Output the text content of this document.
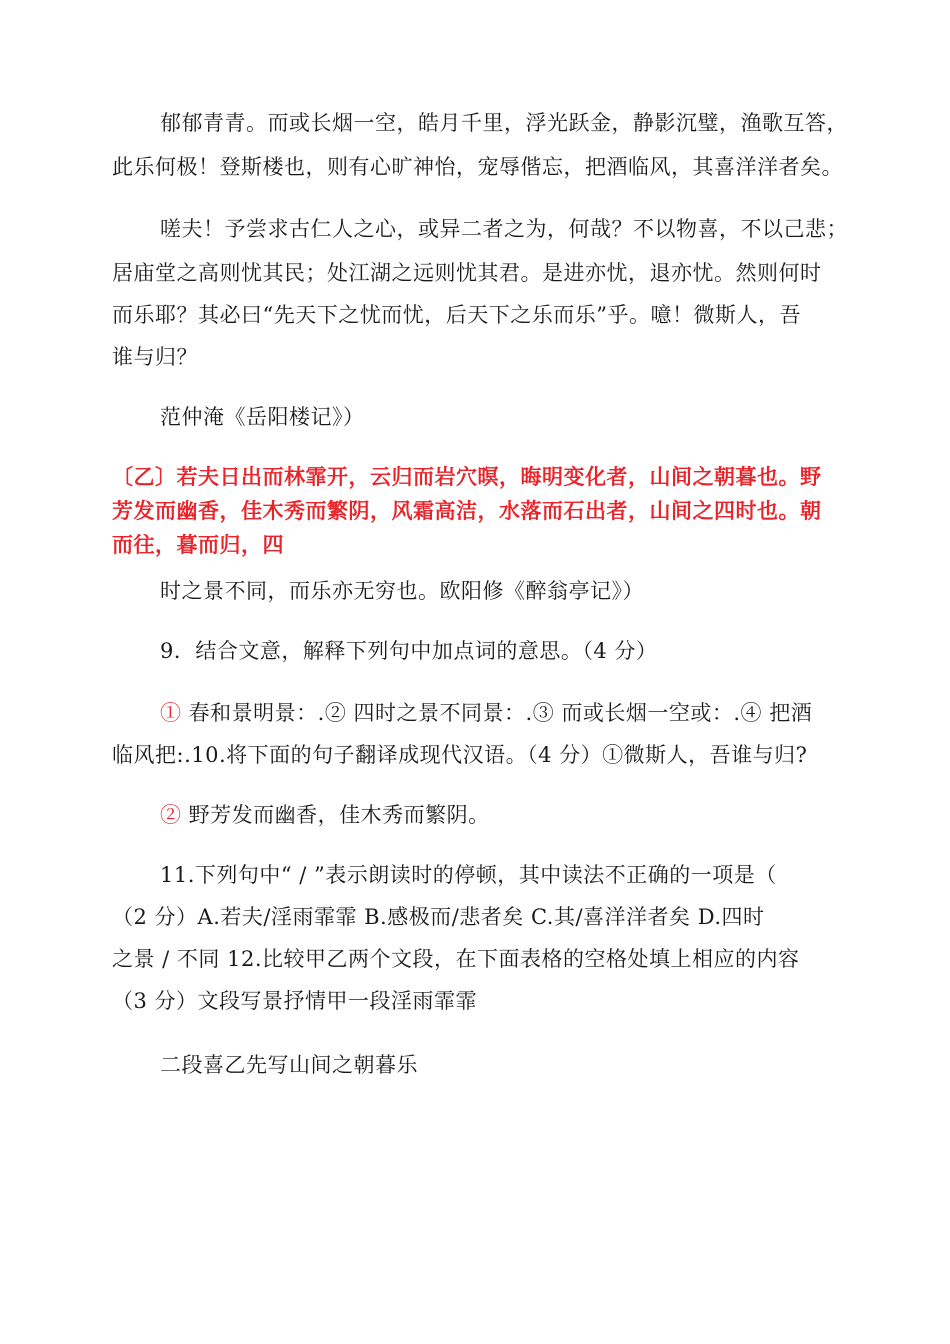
郁郁青青。而或长烟一空，皓月千里，浮光跃金，静影沉璧，渔歌互答，
此乐何极！登斯楼也，则有心旷神怡，宠辱偕忘，把酒临风，其喜洋洋者矣。
嗟夫！予尝求古仁人之心，或异二者之为，何哉？不以物喜，不以己悲；
居庙堂之高则忧其民；处江湖之远则忧其君。是进亦忧，退亦忧。然则何时
而乐耶？其必曰“先天下之忧而忧，后天下之乐而乐”乎。噫！微斯人，吾
谁与归？
范仲淹《岳阳楼记》）
〔乙〕若夫日出而林霏开，云归而岩穴暝，晦明变化者，山间之朝暮也。野
芳发而幽香，佳木秀而繁阴，风霜高洁，水落而石出者，山间之四时也。朝
而往，暮而归，四
时之景不同，而乐亦无穷也。欧阳修《醉翁亭记》）
9．结合文意，解释下列句中加点词的意思。（4 分）
① 春和景明景：.② 四时之景不同景：.③ 而或长烟一空或：.④ 把酒
临风把:.10.将下面的句子翻译成现代汉语。（4 分）①微斯人，吾谁与归?
② 野芳发而幽香，佳木秀而繁阴。
11.下列句中“ / ”表示朗读时的停顿，其中读法不正确的一项是（
（2 分）A.若夫/淫雨霏霏 B.感极而/悲者矣 C.其/喜洋洋者矣 D.四时
之景 / 不同 12.比较甲乙两个文段，在下面表格的空格处填上相应的内容
（3 分）文段写景抒情甲一段淫雨霏霏
二段喜乙先写山间之朝暮乐
